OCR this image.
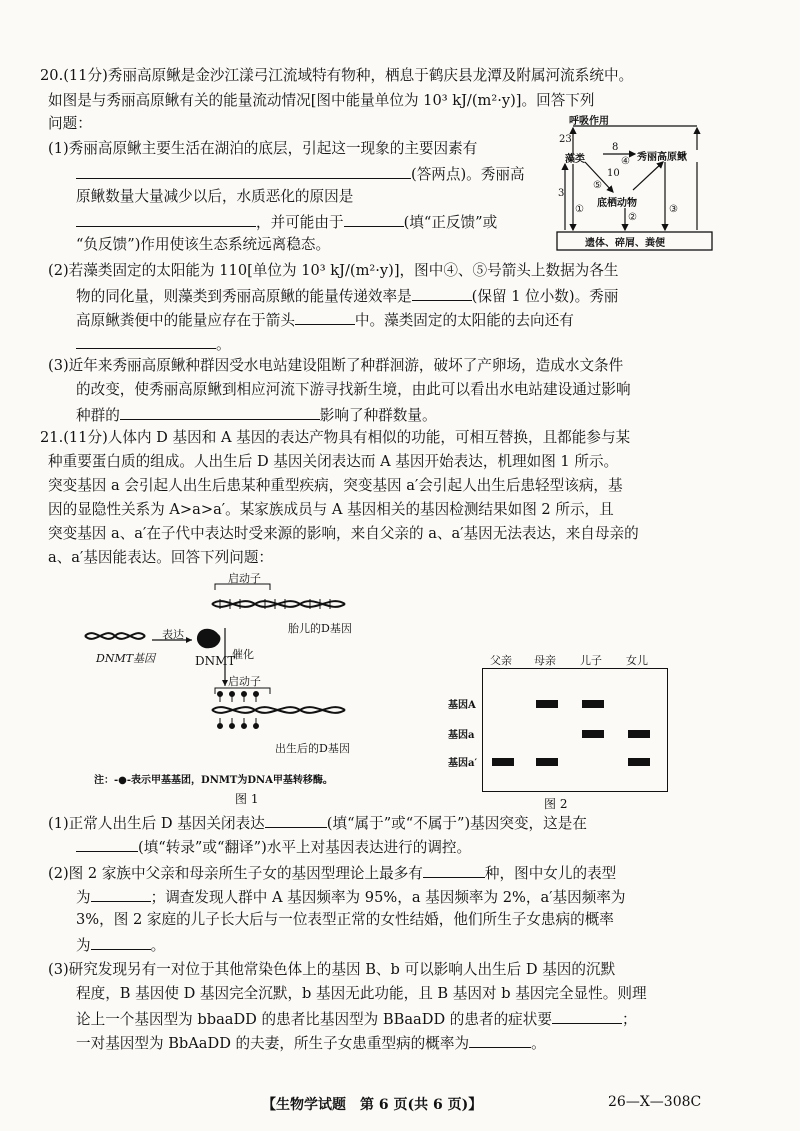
20.(11分)秀丽高原鳅是金沙江漾弓江流域特有物种，栖息于鹤庆县龙潭及附属河流系统中。
如图是与秀丽高原鳅有关的能量流动情况[图中能量单位为 10³ kJ/(m²·y)]。回答下列
问题：
(1)秀丽高原鳅主要生活在湖泊的底层，引起这一现象的主要因素有
(答两点)。秀丽高
原鳅数量大量减少以后，水质恶化的原因是
，并可能由于	(填“正反馈”或
“负反馈”)作用使该生态系统远离稳态。
呼吸作用
23
8
藻类	秀丽高原鳅
④
10
⑤
3
底栖动物
①
②
③
遗体、碎屑、粪便
(2)若藻类固定的太阳能为 110[单位为 10³ kJ/(m²·y)]，图中④、⑤号箭头上数据为各生
物的同化量，则藻类到秀丽高原鳅的能量传递效率是	(保留 1 位小数)。秀丽
高原鳅粪便中的能量应存在于箭头	中。藻类固定的太阳能的去向还有
。
(3)近年来秀丽高原鳅种群因受水电站建设阻断了种群洄游，破坏了产卵场，造成水文条件
的改变，使秀丽高原鳅到相应河流下游寻找新生境，由此可以看出水电站建设通过影响
种群的	影响了种群数量。
21.(11分)人体内 D 基因和 A 基因的表达产物具有相似的功能，可相互替换，且都能参与某
种重要蛋白质的组成。人出生后 D 基因关闭表达而 A 基因开始表达，机理如图 1 所示。
突变基因 a 会引起人出生后患某种重型疾病，突变基因 a′会引起人出生后患轻型该病，基
因的显隐性关系为 A>a>a′。某家族成员与 A 基因相关的基因检测结果如图 2 所示，且
突变基因 a、a′在子代中表达时受来源的影响，来自父亲的 a、a′基因无法表达，来自母亲的
a、a′基因能表达。回答下列问题：
启动子
胎儿的D基因
DNMT基因
表达
DNMT
催化
启动子
出生后的D基因
注：-●-表示甲基基团，DNMT为DNA甲基转移酶。
图 1
父亲 母亲 儿子 女儿
基因A
基因a
基因a′
图 2
(1)正常人出生后 D 基因关闭表达	(填“属于”或“不属于”)基因突变，这是在
(填“转录”或“翻译”)水平上对基因表达进行的调控。
(2)图 2 家族中父亲和母亲所生子女的基因型理论上最多有	种，图中女儿的表型
为	；调查发现人群中 A 基因频率为 95%，a 基因频率为 2%，a′基因频率为
3%，图 2 家庭的儿子长大后与一位表型正常的女性结婚，他们所生子女患病的概率
为	。
(3)研究发现另有一对位于其他常染色体上的基因 B、b 可以影响人出生后 D 基因的沉默
程度，B 基因使 D 基因完全沉默，b 基因无此功能，且 B 基因对 b 基因完全显性。则理
论上一个基因型为 bbaaDD 的患者比基因型为 BBaaDD 的患者的症状要	；
一对基因型为 BbAaDD 的夫妻，所生子女患重型病的概率为	。
【生物学试题　第 6 页(共 6 页)】	26—X—308C
